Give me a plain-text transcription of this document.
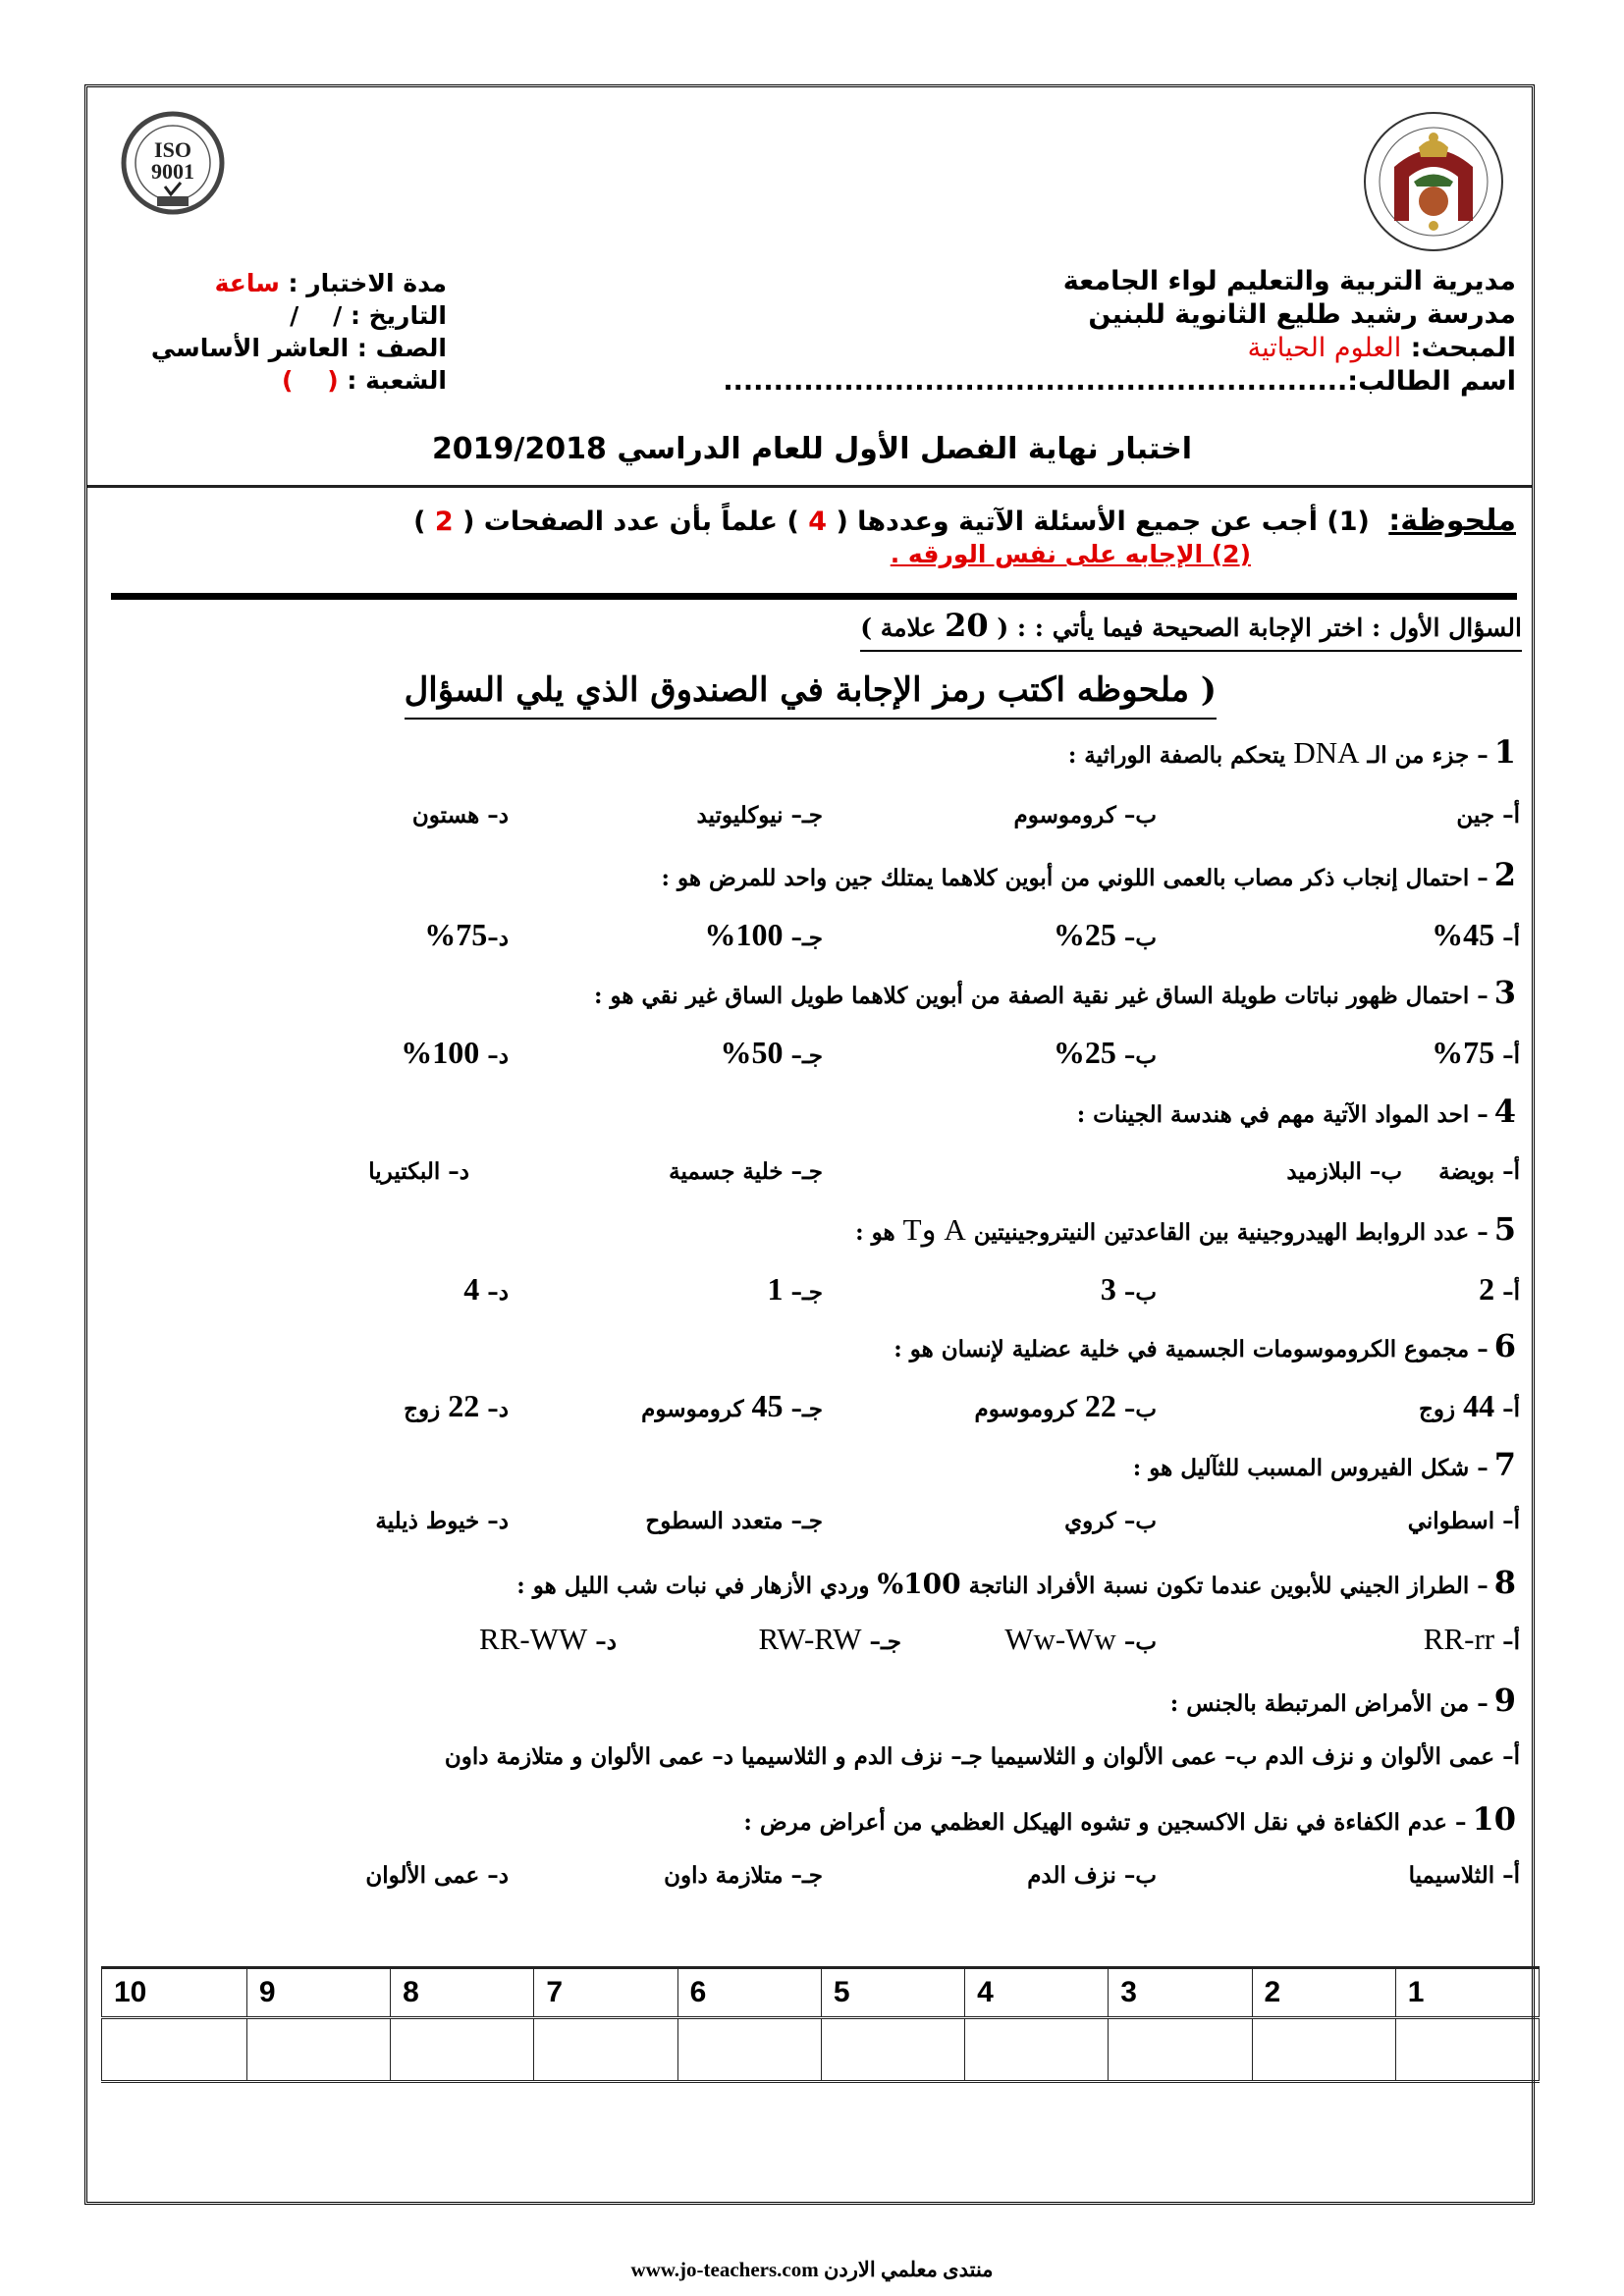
ISO
9001
مديرية التربية والتعليم لواء الجامعة
مدرسة رشيد طليع الثانوية للبنين
المبحث: العلوم الحياتية
اسم الطالب:..............................................................
مدة الاختبار : ساعة
التاريخ : /    /
الصف : العاشر الأساسي
الشعبة : (    )
اختبار نهاية الفصل الأول للعام الدراسي 2019/2018
ملحوظة: (1) أجب عن جميع الأسئلة الآتية وعددها ( 4 ) علماً بأن عدد الصفحات ( 2 )
(2) الإجابه على نفس الورقه .
السؤال الأول : اختر الإجابة الصحيحة فيما يأتي : : ( 20 علامة )
( ملحوظه اكتب رمز الإجابة في الصندوق الذي يلي السؤال
1– جزء من الـ DNA يتحكم بالصفة الوراثية :
أ– جين
ب– كروموسوم
جـ– نيوكليوتيد
د– هستون
2– احتمال إنجاب ذكر مصاب بالعمى اللوني من أبوين كلاهما يمتلك جين واحد للمرض هو :
أ– 45%
ب– 25%
جـ– 100%
د–75%
3– احتمال ظهور نباتات طويلة الساق غير نقية الصفة من أبوين كلاهما طويل الساق غير نقي هو :
أ– 75%
ب– 25%
جـ– 50%
د– 100%
4– احد المواد الآتية مهم في هندسة الجينات :
أ– بويضة
ب– البلازميد
جـ– خلية جسمية
د– البكتيريا
5– عدد الروابط الهيدروجينية بين القاعدتين النيتروجينيتين A وT هو :
أ– 2
ب– 3
جـ– 1
د– 4
6– مجموع الكروموسومات الجسمية في خلية عضلية لإنسان هو :
أ– 44 زوج
ب– 22 كروموسوم
جـ– 45 كروموسوم
د– 22 زوج
7– شكل الفيروس المسبب للثآليل هو :
أ– اسطواني
ب– كروي
جـ– متعدد السطوح
د– خيوط ذيلية
8– الطراز الجيني للأبوين عندما تكون نسبة الأفراد الناتجة 100% وردي الأزهار في نبات شب الليل هو :
أ– RR-rr
ب– Ww-Ww
جـ– RW-RW
د– RR-WW
9– من الأمراض المرتبطة بالجنس :
أ– عمى الألوان و نزف الدم ب– عمى الألوان و الثلاسيميا جـ– نزف الدم و الثلاسيميا د– عمى الألوان و متلازمة داون
10– عدم الكفاءة في نقل الاكسجين و تشوه الهيكل العظمي من أعراض مرض :
أ– الثلاسيميا
ب– نزف الدم
جـ– متلازمة داون
د– عمى الألوان
1	2	3	4	5	6	7	8	9	10

منتدى معلمي الاردن www.jo-teachers.com
